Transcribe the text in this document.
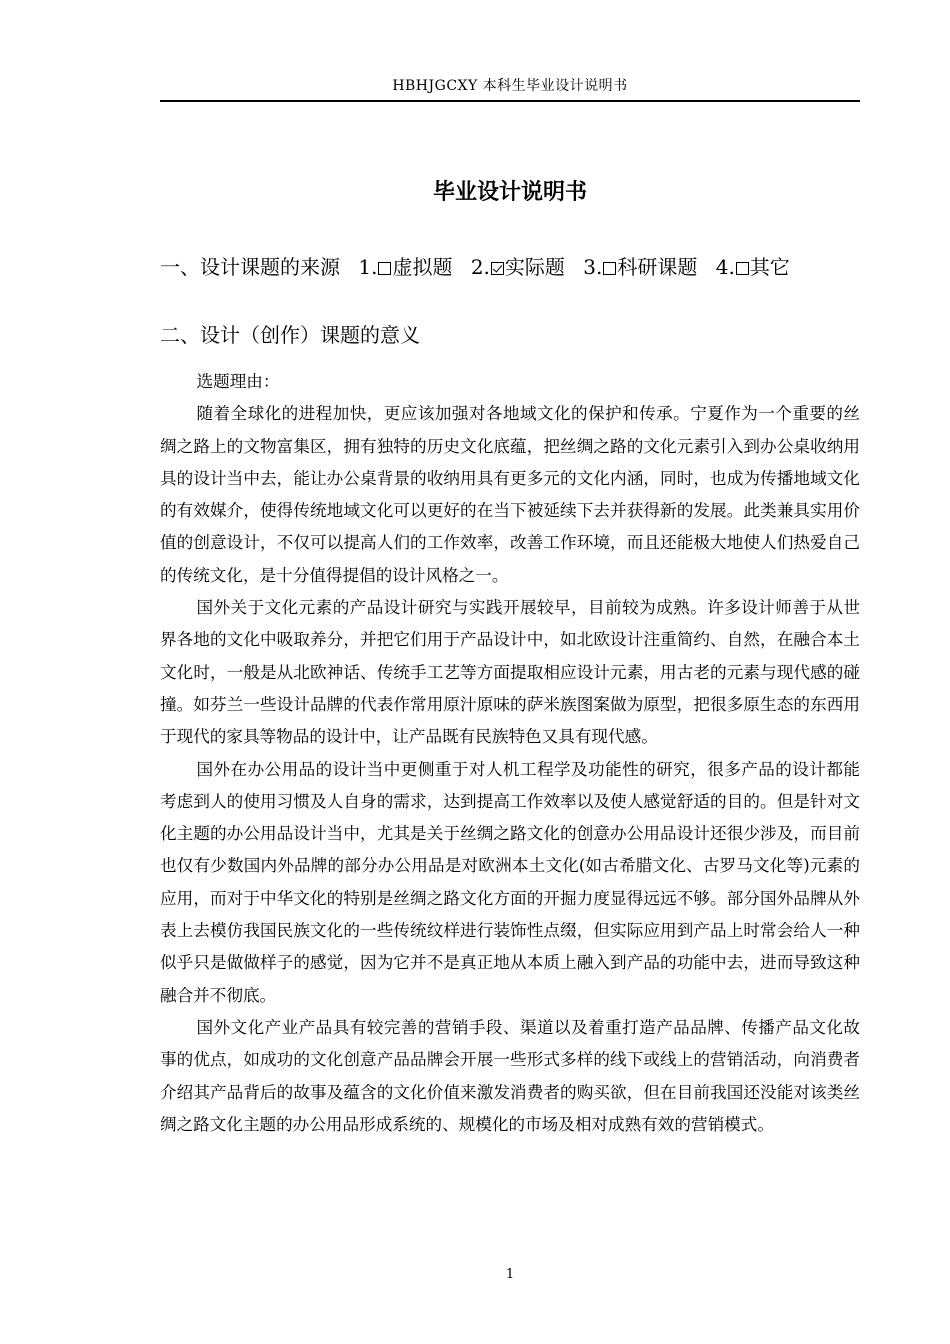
HBHJGCXY 本科生毕业设计说明书
毕业设计说明书
一、设计课题的来源 1. 虚拟题 2. 实际题 3. 科研课题 4. 其它
二、设计（创作）课题的意义

选题理由：

随着全球化的进程加快，更应该加强对各地域文化的保护和传承。宁夏作为一个重要的丝绸之路上的文物富集区，拥有独特的历史文化底蕴，把丝绸之路的文化元素引入到办公桌收纳用具的设计当中去，能让办公桌背景的收纳用具有更多元的文化内涵，同时，也成为传播地域文化的有效媒介，使得传统地域文化可以更好的在当下被延续下去并获得新的发展。此类兼具实用价值的创意设计，不仅可以提高人们的工作效率，改善工作环境，而且还能极大地使人们热爱自己的传统文化，是十分值得提倡的设计风格之一。

国外关于文化元素的产品设计研究与实践开展较早，目前较为成熟。许多设计师善于从世界各地的文化中吸取养分，并把它们用于产品设计中，如北欧设计注重简约、自然，在融合本土文化时，一般是从北欧神话、传统手工艺等方面提取相应设计元素，用古老的元素与现代感的碰撞。如芬兰一些设计品牌的代表作常用原汁原味的萨米族图案做为原型，把很多原生态的东西用于现代的家具等物品的设计中，让产品既有民族特色又具有现代感。

国外在办公用品的设计当中更侧重于对人机工程学及功能性的研究，很多产品的设计都能考虑到人的使用习惯及人自身的需求，达到提高工作效率以及使人感觉舒适的目的。但是针对文化主题的办公用品设计当中，尤其是关于丝绸之路文化的创意办公用品设计还很少涉及，而目前也仅有少数国内外品牌的部分办公用品是对欧洲本土文化(如古希腊文化、古罗马文化等)元素的应用，而对于中华文化的特别是丝绸之路文化方面的开掘力度显得远远不够。部分国外品牌从外表上去模仿我国民族文化的一些传统纹样进行装饰性点缀，但实际应用到产品上时常会给人一种似乎只是做做样子的感觉，因为它并不是真正地从本质上融入到产品的功能中去，进而导致这种融合并不彻底。

国外文化产业产品具有较完善的营销手段、渠道以及着重打造产品品牌、传播产品文化故事的优点，如成功的文化创意产品品牌会开展一些形式多样的线下或线上的营销活动，向消费者介绍其产品背后的故事及蕴含的文化价值来激发消费者的购买欲，但在目前我国还没能对该类丝绸之路文化主题的办公用品形成系统的、规模化的市场及相对成熟有效的营销模式。

1
